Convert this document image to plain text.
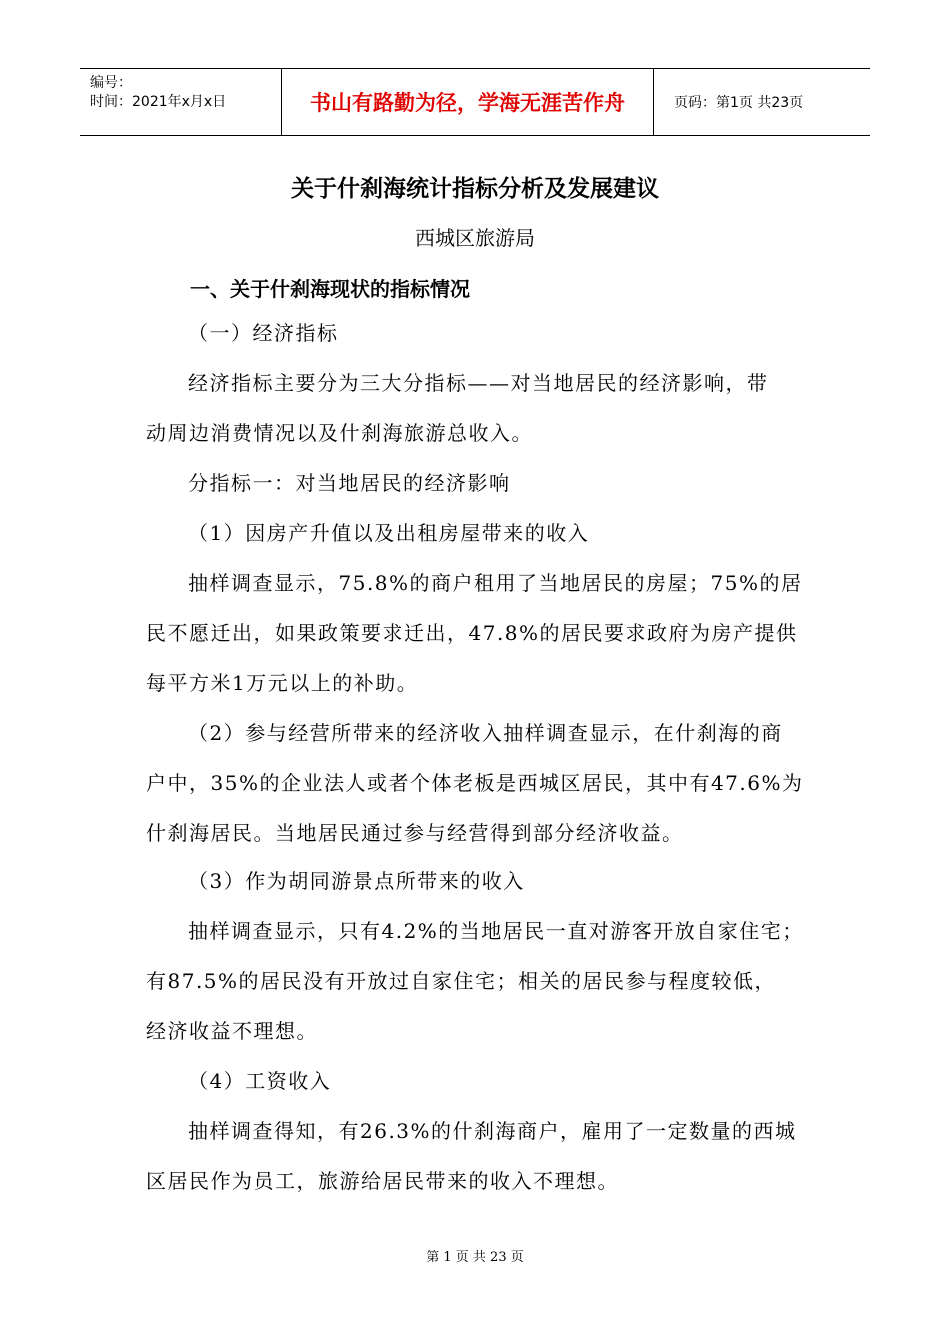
编号：
时间：2021年x月x日	书山有路勤为径，学海无涯苦作舟	页码：第1页 共23页
关于什刹海统计指标分析及发展建议
西城区旅游局
一、关于什刹海现状的指标情况
（一）经济指标
经济指标主要分为三大分指标——对当地居民的经济影响，带
动周边消费情况以及什刹海旅游总收入。
分指标一：对当地居民的经济影响
（1）因房产升值以及出租房屋带来的收入
抽样调查显示，75.8%的商户租用了当地居民的房屋；75%的居
民不愿迁出，如果政策要求迁出，47.8%的居民要求政府为房产提供
每平方米1万元以上的补助。
（2）参与经营所带来的经济收入抽样调查显示，在什刹海的商
户中，35%的企业法人或者个体老板是西城区居民，其中有47.6%为
什刹海居民。当地居民通过参与经营得到部分经济收益。
（3）作为胡同游景点所带来的收入
抽样调查显示，只有4.2%的当地居民一直对游客开放自家住宅；
有87.5%的居民没有开放过自家住宅；相关的居民参与程度较低，
经济收益不理想。
（4）工资收入
抽样调查得知，有26.3%的什刹海商户，雇用了一定数量的西城
区居民作为员工，旅游给居民带来的收入不理想。
第 1 页 共 23 页
